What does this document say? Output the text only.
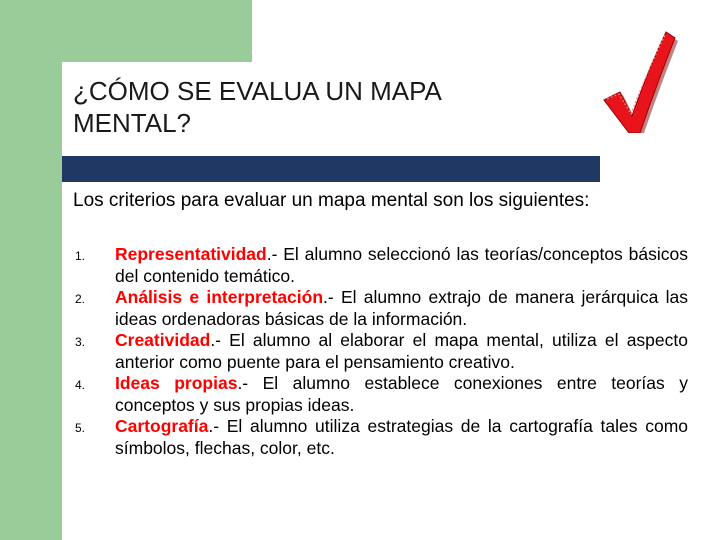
¿CÓMO SE EVALUA UN MAPA
MENTAL?

Los criterios para evaluar un mapa mental son los siguientes:

1. Representatividad.- El alumno seleccionó las teorías/conceptos básicos del contenido temático.
2. Análisis e interpretación.- El alumno extrajo de manera jerárquica las ideas ordenadoras básicas de la información.
3. Creatividad.- El alumno al elaborar el mapa mental, utiliza el aspecto anterior como puente para el pensamiento creativo.
4. Ideas propias.- El alumno establece conexiones entre teorías y conceptos y sus propias ideas.
5. Cartografía.- El alumno utiliza estrategias de la cartografía tales como símbolos, flechas, color, etc.
